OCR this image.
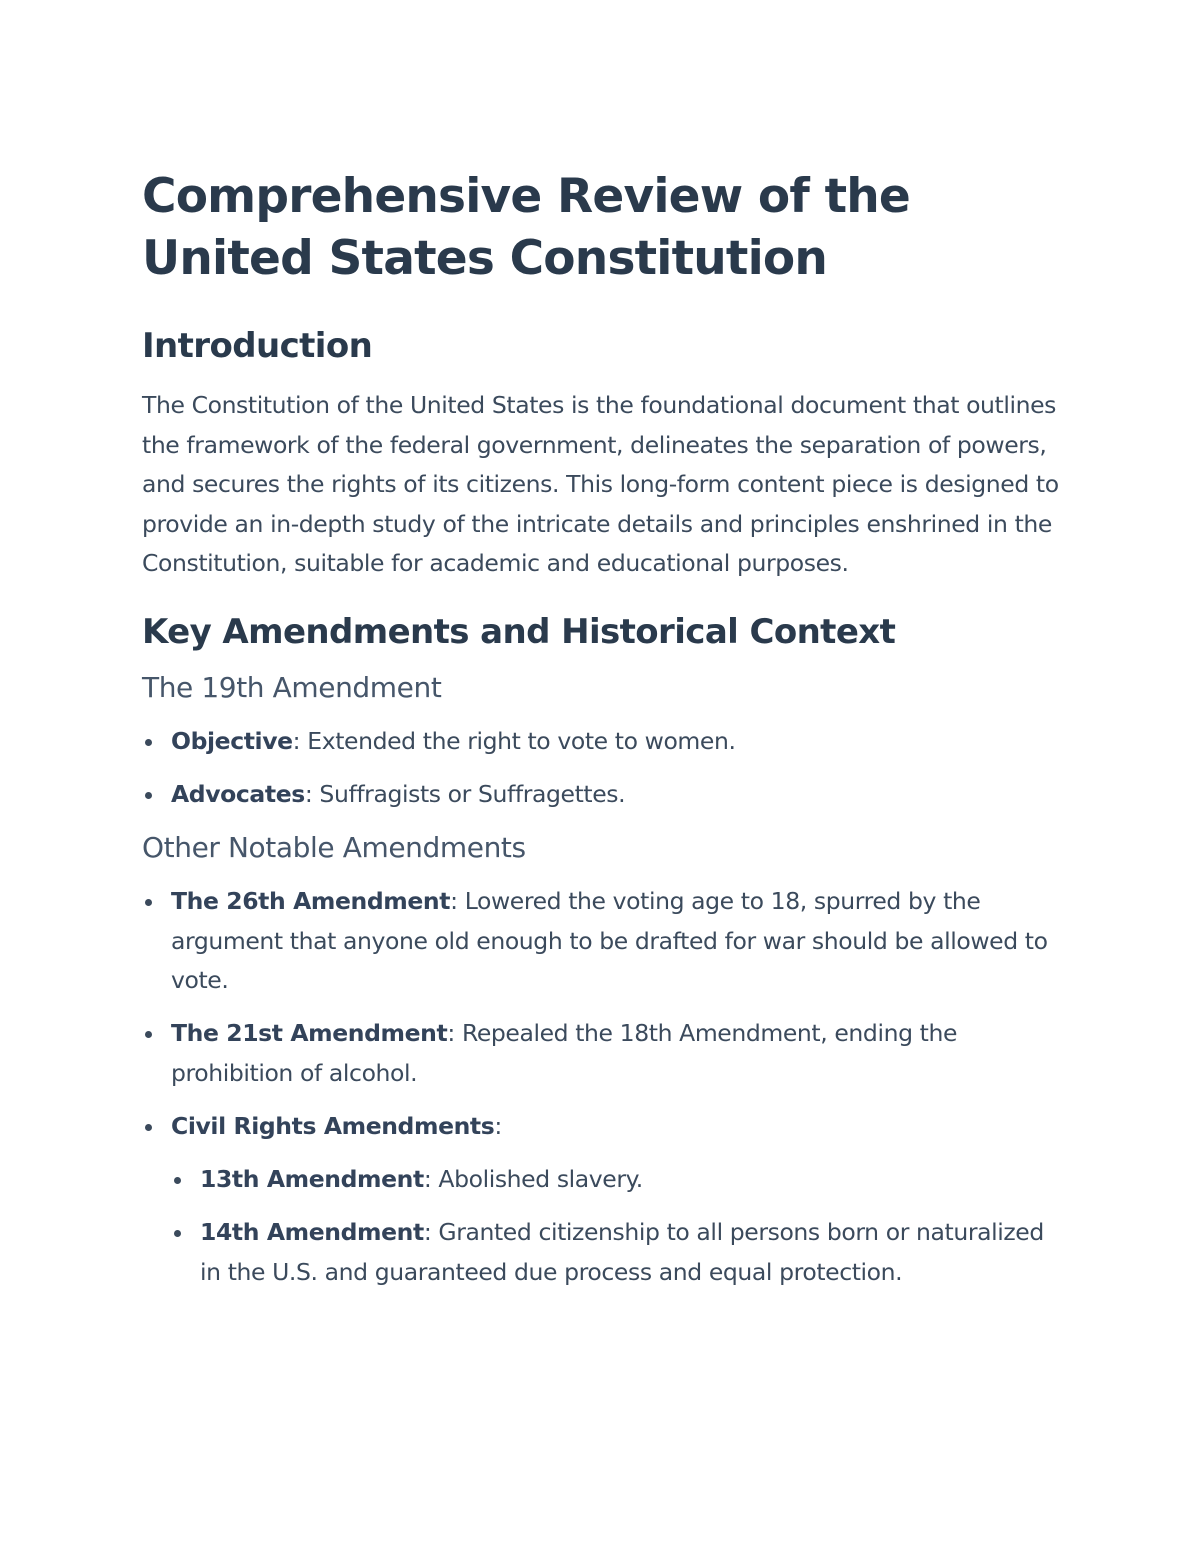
Comprehensive Review of the United States Constitution
Introduction

The Constitution of the United States is the foundational document that outlines the framework of the federal government, delineates the separation of powers, and secures the rights of its citizens. This long-form content piece is designed to provide an in-depth study of the intricate details and principles enshrined in the Constitution, suitable for academic and educational purposes.

Key Amendments and Historical Context
The 19th Amendment
Objective: Extended the right to vote to women.
Advocates: Suffragists or Suffragettes.
Other Notable Amendments
The 26th Amendment: Lowered the voting age to 18, spurred by the argument that anyone old enough to be drafted for war should be allowed to vote.
The 21st Amendment: Repealed the 18th Amendment, ending the prohibition of alcohol.
Civil Rights Amendments:
13th Amendment: Abolished slavery.
14th Amendment: Granted citizenship to all persons born or naturalized in the U.S. and guaranteed due process and equal protection.
